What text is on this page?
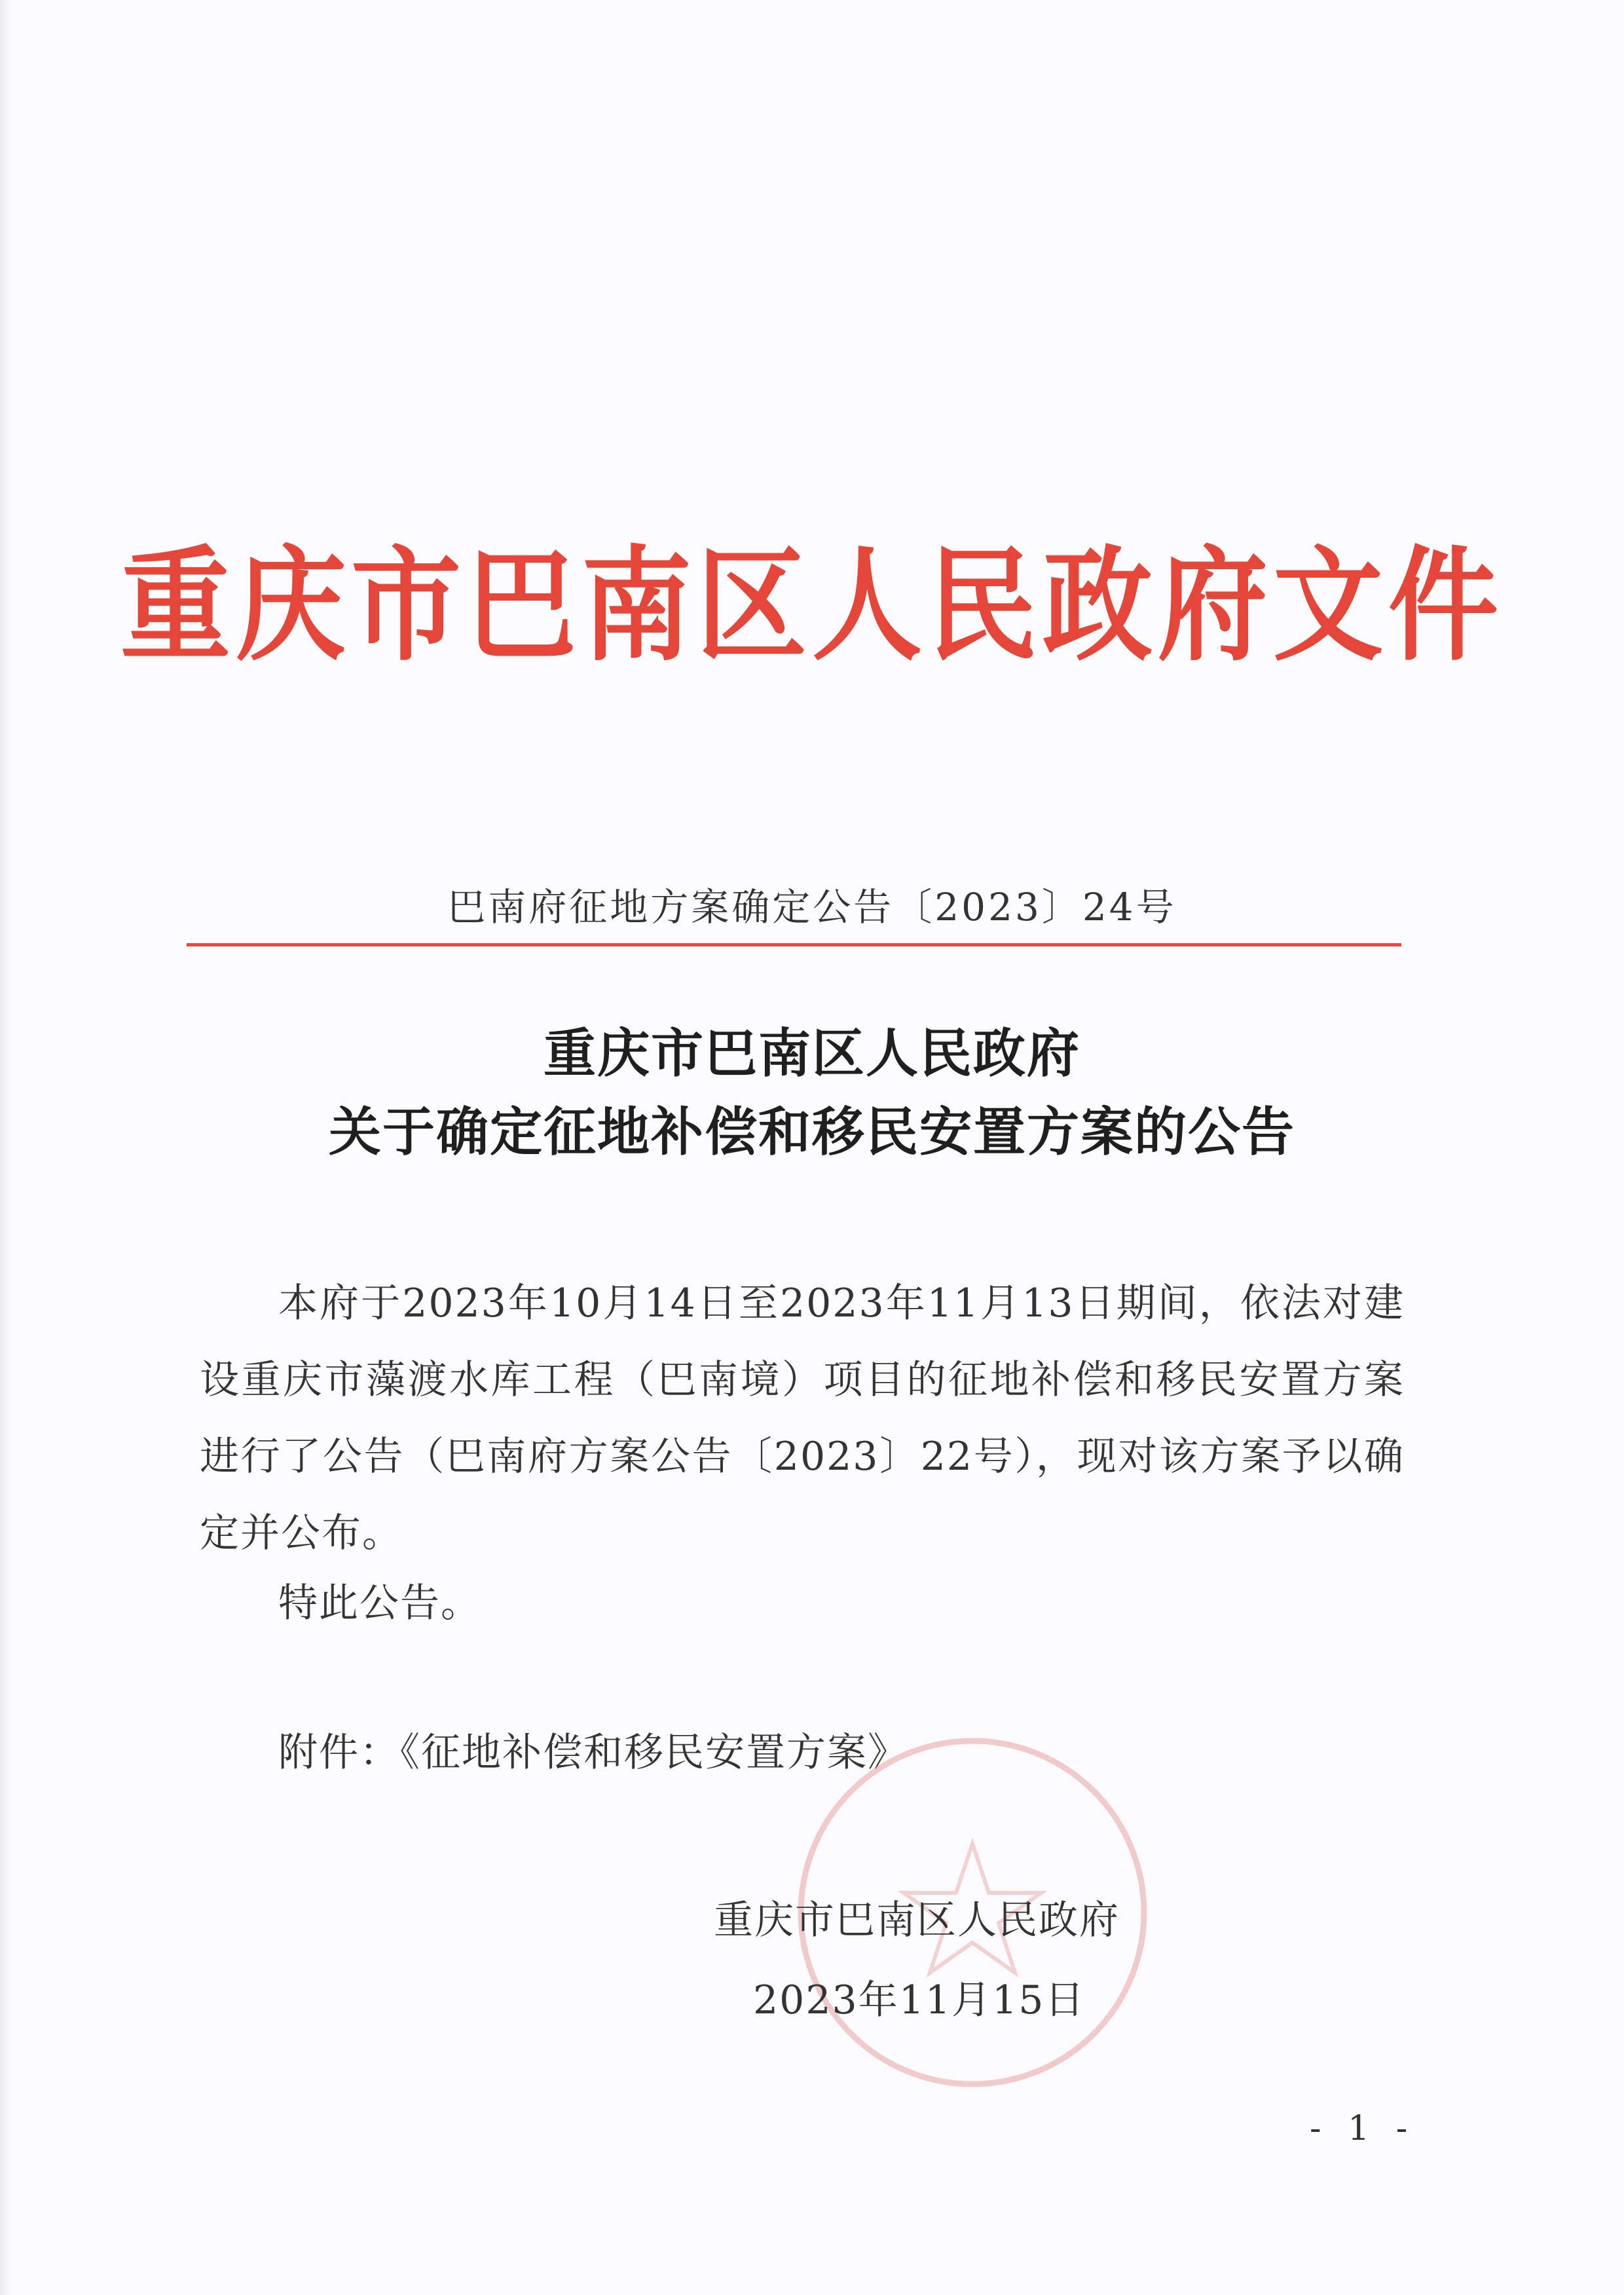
重庆市巴南区人民政府文件
巴南府征地方案确定公告〔2023〕24号
重庆市巴南区人民政府
关于确定征地补偿和移民安置方案的公告

本府于2023年10月14日至2023年11月13日期间，依法对建设重庆市藻渡水库工程（巴南境）项目的征地补偿和移民安置方案进行了公告（巴南府方案公告〔2023〕22号），现对该方案予以确定并公布。

特此公告。

附件：《征地补偿和移民安置方案》

重庆市巴南区人民政府

2023年11月15日

- 1 -
